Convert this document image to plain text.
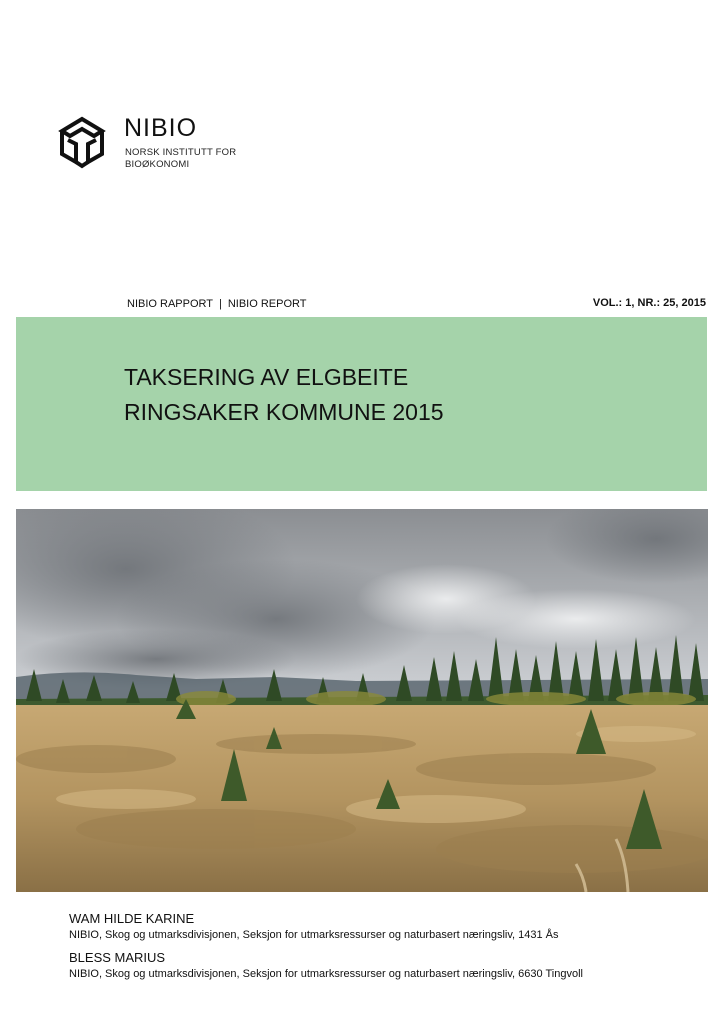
NIBIO
NORSK INSTITUTT FOR
BIOØKONOMI
NIBIO RAPPORT | NIBIO REPORT	VOL.: 1, NR.: 25, 2015
TAKSERING AV ELGBEITE
RINGSAKER KOMMUNE 2015

WAM HILDE KARINE

NIBIO, Skog og utmarksdivisjonen, Seksjon for utmarksressurser og naturbasert næringsliv, 1431 Ås

BLESS MARIUS

NIBIO, Skog og utmarksdivisjonen, Seksjon for utmarksressurser og naturbasert næringsliv, 6630 Tingvoll
